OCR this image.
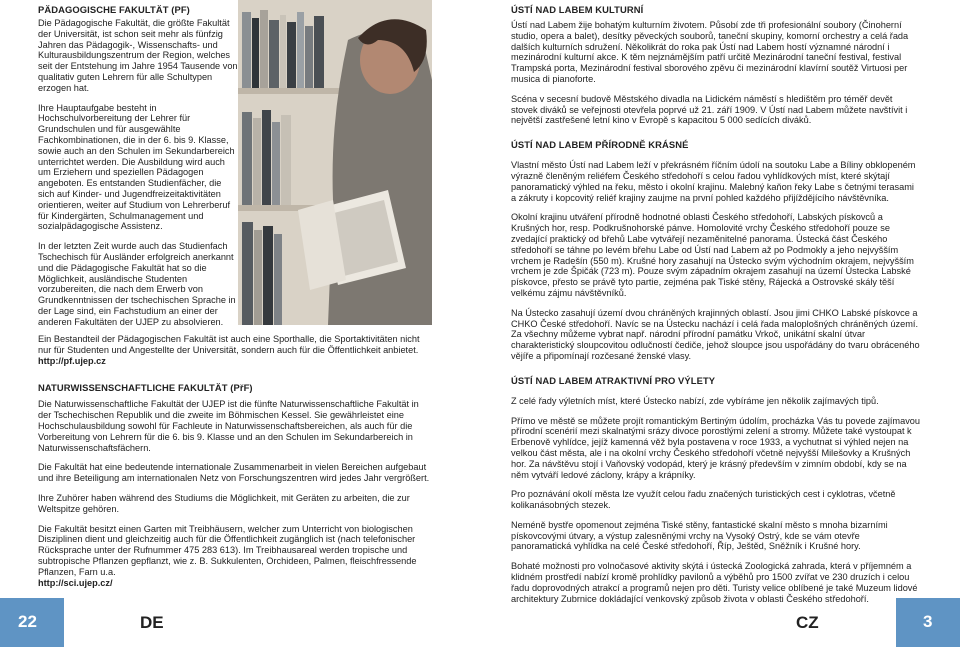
PÄDAGOGISCHE FAKULTÄT (PF)

Die Pädagogische Fakultät, die größte Fakultät der Universität, ist schon seit mehr als fünfzig Jahren das Pädagogik-, Wissenschafts- und Kulturausbildungszentrum der Region, welches seit der Entstehung im Jahre 1954 Tausende von qualitativ guten Lehrern für alle Schultypen erzogen hat.

Ihre Hauptaufgabe besteht in Hochschulvorbereitung der Lehrer für Grundschulen und für ausgewählte Fachkombinationen, die in der 6. bis 9. Klasse, sowie auch an den Schulen im Sekundarbereich unterrichtet werden. Die Ausbildung wird auch um Erziehern und speziellen Pädagogen angeboten. Es entstanden Studienfächer, die sich auf Kinder- und Jugendfreizeitaktivitäten orientieren, weiter auf Studium von Lehrerberuf für Kindergärten, Schulmanagement und sozialpädagogische Assistenz.

In der letzten Zeit wurde auch das Studienfach Tschechisch für Ausländer erfolgreich anerkannt und die Pädagogische Fakultät hat so die Möglichkeit, ausländische Studenten vorzubereiten, die nach dem Erwerb von Grundkenntnissen der tschechischen Sprache in der Lage sind, ein Fachstudium an einer der anderen Fakultäten der UJEP zu absolvieren.

Ein Bestandteil der Pädagogischen Fakultät ist auch eine Sporthalle, die Sportaktivitäten nicht nur für Studenten und Angestellte der Universität, sondern auch für die Öffentlichkeit anbietet.

http://pf.ujep.cz

NATURWISSENSCHAFTLICHE FAKULTÄT (PřF)

Die Naturwissenschaftliche Fakultät der UJEP ist die fünfte Naturwissenschaftliche Fakultät in der Tschechischen Republik und die zweite im Böhmischen Kessel. Sie gewährleistet eine Hochschulausbildung sowohl für Fachleute in Naturwissenschaftsbereichen, als auch für die Vorbereitung von Lehrern für die 6. bis 9. Klasse und an den Schulen im Sekundarbereich in Naturwissenschaftsfächern.

Die Fakultät hat eine bedeutende internationale Zusammenarbeit in vielen Bereichen aufgebaut und ihre Beteiligung am internationalen Netz von Forschungszentren wird jedes Jahr vergrößert.

Ihre Zuhörer haben während des Studiums die Möglichkeit, mit Geräten zu arbeiten, die zur Weltspitze gehören.

Die Fakultät besitzt einen Garten mit Treibhäusern, welcher zum Unterricht von biologischen Disziplinen dient und gleichzeitig auch für die Öffentlichkeit zugänglich ist (nach telefonischer Rücksprache unter der Rufnummer 475 283 613). Im Treibhausareal werden tropische und subtropische Pflanzen gepflanzt, wie z. B. Sukkulenten, Orchideen, Palmen, fleischfressende Pflanzen, Farn u.a.

http://sci.ujep.cz/

ÚSTÍ NAD LABEM KULTURNÍ

Ústí nad Labem žije bohatým kulturním životem. Působí zde tři profesionální soubory (Činoherní studio, opera a balet), desítky pěveckých souborů, taneční skupiny, komorní orchestry a celá řada dalších kulturních sdružení. Několikrát do roka pak Ústí nad Labem hostí významné národní i mezinárodní kulturní akce. K těm nejznámějším patří určitě Mezinárodní taneční festival, festival Trampská porta, Mezinárodní festival sborového zpěvu či mezinárodní klavírní soutěž Virtuosi per musica di pianoforte.

Scéna v secesní budově Městského divadla na Lidickém náměstí s hledištěm pro téměř devět stovek diváků se veřejnosti otevřela poprvé už 21. září 1909. V Ústí nad Labem můžete navštívit i největší zastřešené letní kino v Evropě s kapacitou 5 000 sedících diváků.

ÚSTÍ NAD LABEM PŘÍRODNĚ KRÁSNÉ

Vlastní město Ústí nad Labem leží v překrásném říčním údolí na soutoku Labe a Bíliny obklopeném výrazně členěným reliéfem Českého středohoří s celou řadou vyhlídkových míst, které skýtají panoramatický výhled na řeku, město i okolní krajinu. Malebný kaňon řeky Labe s četnými terasami a zákruty i kopcovitý reliéf krajiny zaujme na první pohled každého přijíždějícího návštěvníka.

Okolní krajinu utváření přírodně hodnotné oblasti Českého středohoří, Labských pískovců a Krušných hor, resp. Podkrušnohorské pánve. Homolovité vrchy Českého středohoří pouze se zvedající praktický od břehů Labe vytvářejí nezaměnitelné panorama. Ústecká část Českého středohoří se táhne po levém břehu Labe od Ústí nad Labem až po Podmokly a jeho nejvyšším vrchem je Radešín (550 m). Krušné hory zasahují na Ústecko svým východním okrajem, nejvyšším vrchem je zde Špičák (723 m). Pouze svým západním okrajem zasahují na území Ústecka Labské pískovce, přesto se právě tyto partie, zejména pak Tiské stěny, Rájecká a Ostrovské skály těší velkému zájmu návštěvníků.

Na Ústecko zasahují území dvou chráněných krajinných oblastí. Jsou jimi CHKO Labské pískovce a CHKO České středohoří. Navíc se na Ústecku nachází i celá řada maloplošných chráněných území. Za všechny můžeme vybrat např. národní přírodní památku Vrkoč, unikátní skalní útvar charakteristický sloupcovitou odlučností čediče, jehož sloupce jsou uspořádány do tvaru obráceného vějíře a připomínají rozčesané ženské vlasy.

ÚSTÍ NAD LABEM ATRAKTIVNÍ PRO VÝLETY

Z celé řady výletních míst, které Ústecko nabízí, zde vybíráme jen několik zajímavých tipů.

Přímo ve městě se můžete projít romantickým Bertiným údolím, procházka Vás tu povede zajímavou přírodní scenérií mezi skalnatými srázy divoce porostlými zelení a stromy. Můžete také vystoupat k Erbenově vyhlídce, jejíž kamenná věž byla postavena v roce 1933, a vychutnat si výhled nejen na velkou část města, ale i na okolní vrchy Českého středohoří včetně nejvyšší Milešovky a Krušných hor. Za návštěvu stojí i Vaňovský vodopád, který je krásný především v zimním období, kdy se na něm vytváří ledové záclony, krápy a krápníky.

Pro poznávání okolí města lze využít celou řadu značených turistických cest i cyklotras, včetně kolikanásobných stezek.

Neméně bystře opomenout zejména Tiské stěny, fantastické skalní město s mnoha bizarními pískovcovými útvary, a výstup zalesněnými vrchy na Vysoký Ostrý, kde se vám otevře panoramatická vyhlídka na celé České středohoří, Říp, Ještěd, Sněžník i Krušné hory.

Bohaté možnosti pro volnočasové aktivity skýtá i ústecká Zoologická zahrada, která v příjemném a klidném prostředí nabízí kromě prohlídky pavilonů a výběhů pro 1500 zvířat ve 230 druzích i celou řadu doprovodných atrakcí a programů nejen pro děti. Turisty velice oblíbené je také Muzeum lidové architektury Zubrnice dokládající venkovský způsob života v oblasti Českého středohoří.

22	DE	CZ	3
